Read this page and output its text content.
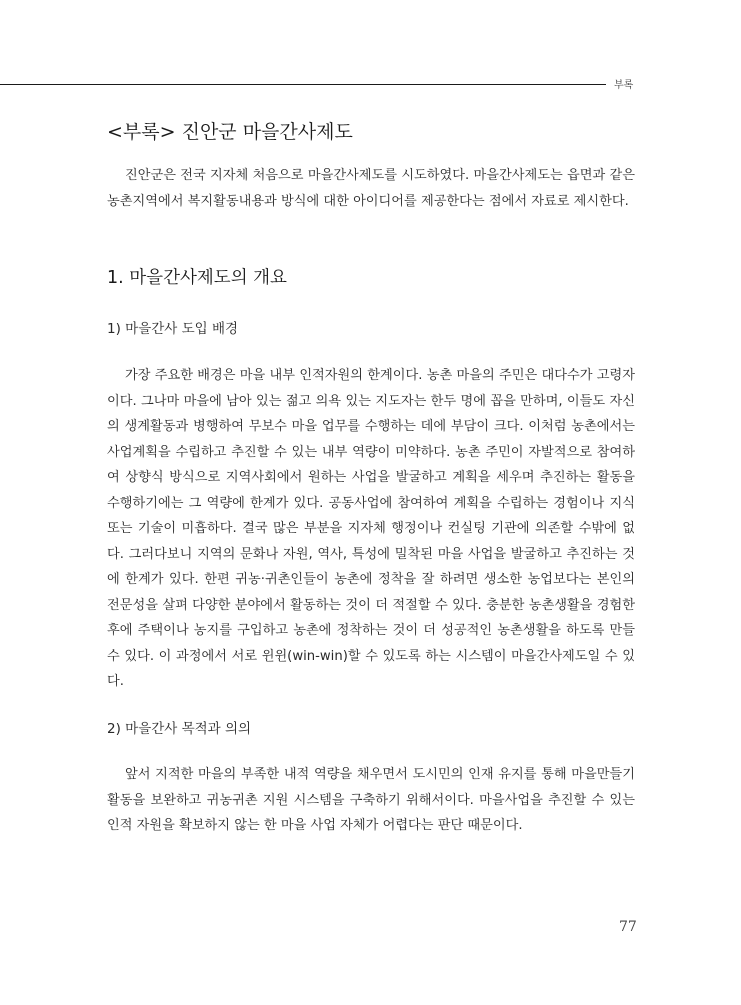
부록
<부록> 진안군 마을간사제도
진안군은 전국 지자체 처음으로 마을간사제도를 시도하였다. 마을간사제도는 읍면과 같은 농촌지역에서 복지활동내용과 방식에 대한 아이디어를 제공한다는 점에서 자료로 제시한다.
1. 마을간사제도의 개요
1) 마을간사 도입 배경
가장 주요한 배경은 마을 내부 인적자원의 한계이다. 농촌 마을의 주민은 대다수가 고령자이다. 그나마 마을에 남아 있는 젊고 의욕 있는 지도자는 한두 명에 꼽을 만하며, 이들도 자신의 생계활동과 병행하여 무보수 마을 업무를 수행하는 데에 부담이 크다. 이처럼 농촌에서는 사업계획을 수립하고 추진할 수 있는 내부 역량이 미약하다. 농촌 주민이 자발적으로 참여하여 상향식 방식으로 지역사회에서 원하는 사업을 발굴하고 계획을 세우며 추진하는 활동을 수행하기에는 그 역량에 한계가 있다. 공동사업에 참여하여 계획을 수립하는 경험이나 지식 또는 기술이 미흡하다. 결국 많은 부분을 지자체 행정이나 컨실팅 기관에 의존할 수밖에 없다. 그러다보니 지역의 문화나 자원, 역사, 특성에 밀착된 마을 사업을 발굴하고 추진하는 것에 한계가 있다. 한편 귀농·귀촌인들이 농촌에 정착을 잘 하려면 생소한 농업보다는 본인의 전문성을 살펴 다양한 분야에서 활동하는 것이 더 적절할 수 있다. 충분한 농촌생활을 경험한 후에 주택이나 농지를 구입하고 농촌에 정착하는 것이 더 성공적인 농촌생활을 하도록 만들 수 있다. 이 과정에서 서로 윈윈(win-win)할 수 있도록 하는 시스템이 마을간사제도일 수 있다.
2) 마을간사 목적과 의의
앞서 지적한 마을의 부족한 내적 역량을 채우면서 도시민의 인재 유지를 통해 마을만들기 활동을 보완하고 귀농귀촌 지원 시스템을 구축하기 위해서이다. 마을사업을 추진할 수 있는 인적 자원을 확보하지 않는 한 마을 사업 자체가 어렵다는 판단 때문이다.
77
